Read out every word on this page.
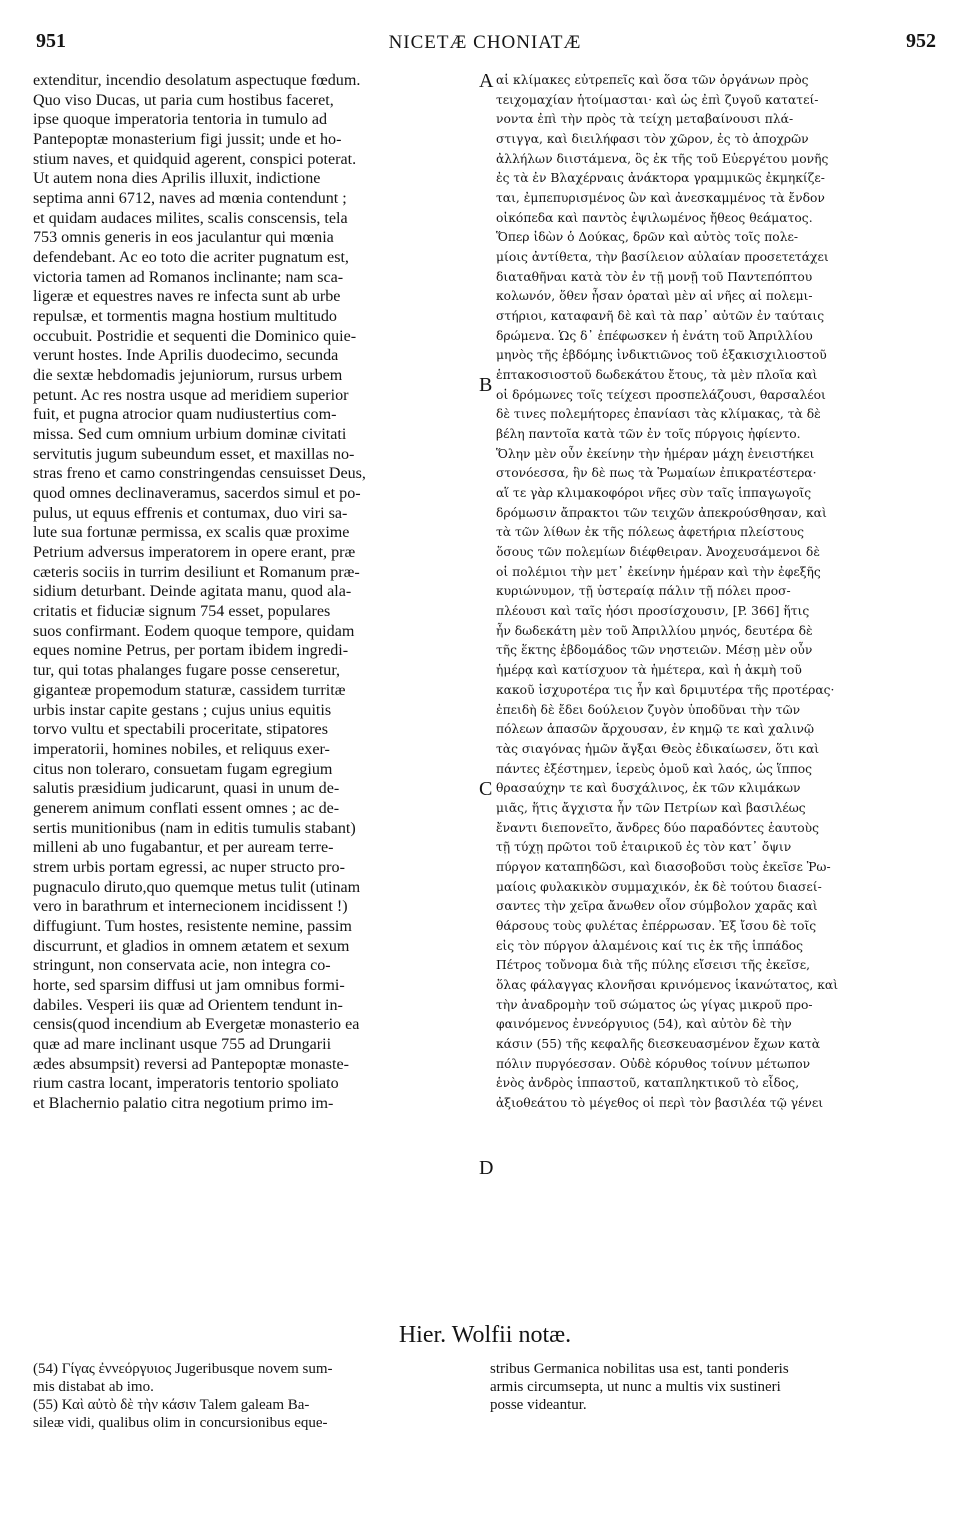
951	NICETÆ CHONIATÆ	952
extenditur, incendio desolatum aspectuque fœdum.
Quo viso Ducas, ut paria cum hostibus faceret,
ipse quoque imperatoria tentoria in tumulo ad
Pantepoptæ monasterium figi jussit; unde et ho-
stium naves, et quidquid agerent, conspici poterat.
Ut autem nona dies Aprilis illuxit, indictione
septima anni 6712, naves ad mœnia contendunt ;
et quidam audaces milites, scalis conscensis, tela
753 omnis generis in eos jaculantur qui mœnia
defendebant. Ac eo toto die acriter pugnatum est,
victoria tamen ad Romanos inclinante; nam sca-
ligeræ et equestres naves re infecta sunt ab urbe
repulsæ, et tormentis magna hostium multitudo
occubuit. Postridie et sequenti die Dominico quie-
verunt hostes. Inde Aprilis duodecimo, secunda
die sextæ hebdomadis jejuniorum, rursus urbem
petunt. Ac res nostra usque ad meridiem superior
fuit, et pugna atrocior quam nudiustertius com-
missa. Sed cum omnium urbium dominæ civitati
servitutis jugum subeundum esset, et maxillas no-
stras freno et camo constringendas censuisset Deus,
quod omnes declinaveramus, sacerdos simul et po-
pulus, ut equus effrenis et contumax, duo viri sa-
lute sua fortunæ permissa, ex scalis quæ proxime
Petrium adversus imperatorem in opere erant, præ
cæteris sociis in turrim desiliunt et Romanum præ-
sidium deturbant. Deinde agitata manu, quod ala-
critatis et fiduciæ signum 754 esset, populares
suos confirmant. Eodem quoque tempore, quidam
eques nomine Petrus, per portam ibidem ingredi-
tur, qui totas phalanges fugare posse censeretur,
giganteæ propemodum staturæ, cassidem turritæ
urbis instar capite gestans ; cujus unius equitis
torvo vultu et spectabili proceritate, stipatores
imperatorii, homines nobiles, et reliquus exer-
citus non toleraro, consuetam fugam egregium
salutis præsidium judicarunt, quasi in unum de-
generem animum conflati essent omnes ; ac de-
sertis munitionibus (nam in editis tumulis stabant)
milleni ab uno fugabantur, et per auream terre-
strem urbis portam egressi, ac nuper structo pro-
pugnaculo diruto,quo quemque metus tulit (utinam
vero in barathrum et internecionem incidissent !)
diffugiunt. Tum hostes, resistente nemine, passim
discurrunt, et gladios in omnem ætatem et sexum
stringunt, non conservata acie, non integra co-
horte, sed sparsim diffusi ut jam omnibus formi-
dabiles. Vesperi iis quæ ad Orientem tendunt in-
censis(quod incendium ab Evergetæ monasterio ea
quæ ad mare inclinant usque 755 ad Drungarii
ædes absumpsit) reversi ad Pantepoptæ monaste-
rium castra locant, imperatoris tentorio spoliato
et Blachernio palatio citra negotium primo im-
αἱ κλίμακες εὐτρεπεῖς καὶ ὅσα τῶν ὀργάνων πρὸς
τειχομαχίαν ἡτοίμασται· καὶ ὡς ἐπὶ ζυγοῦ κατατεί-
νοντα ἐπὶ τὴν πρὸς τὰ τείχη μεταβαίνουσι πλά-
στιγγα, καὶ διειλήφασι τὸν χῶρον, ἐς τὸ ἀποχρῶν
ἀλλήλων διιστάμενα, ὃς ἐκ τῆς τοῦ Εὐεργέτου μονῆς
ἐς τὰ ἐν Βλαχέρναις ἀνάκτορα γραμμικῶς ἐκμηκίζε-
ται, ἐμπεπυρισμένος ὢν καὶ ἀνεσκαμμένος τὰ ἔνδον
οἰκόπεδα καὶ παντὸς ἐψιλωμένος ἤθεος θεάματος.
Ὅπερ ἰδὼν ὁ Δούκας, δρῶν καὶ αὐτὸς τοῖς πολε-
μίοις ἀντίθετα, τὴν βασίλειον αὐλαίαν προσετετάχει
διαταθῆναι κατὰ τὸν ἐν τῇ μονῇ τοῦ Παντεπόπτου
κολωνόν, ὅθεν ἦσαν ὁραταὶ μὲν αἱ νῆες αἱ πολεμι-
στήριοι, καταφανῆ δὲ καὶ τὰ παρ᾽ αὐτῶν ἐν ταύταις
δρώμενα. Ὡς δ᾽ ἐπέφωσκεν ἡ ἐνάτη τοῦ Ἀπριλλίου
μηνὸς τῆς ἑβδόμης ἰνδικτιῶνος τοῦ ἑξακισχιλιοστοῦ
ἑπτακοσιοστοῦ δωδεκάτου ἔτους, τὰ μὲν πλοῖα καὶ
οἱ δρόμωνες τοῖς τείχεσι προσπελάζουσι, θαρσαλέοι
δὲ τινες πολεμήτορες ἐπανίασι τὰς κλίμακας, τὰ δὲ
βέλη παντοῖα κατὰ τῶν ἐν τοῖς πύργοις ἠφίεντο.
Ὅλην μὲν οὖν ἐκείνην τὴν ἡμέραν μάχη ἐνειστήκει
στονόεσσα, ἣν δὲ πως τὰ Ῥωμαίων ἐπικρατέστερα·
αἵ τε γὰρ κλιμακοφόροι νῆες σὺν ταῖς ἱππαγωγοῖς
δρόμωσιν ἄπρακτοι τῶν τειχῶν ἀπεκρούσθησαν, καὶ
τὰ τῶν λίθων ἐκ τῆς πόλεως ἀφετήρια πλείστους
ὅσους τῶν πολεμίων διέφθειραν. Ἀνοχευσάμενοι δὲ
οἱ πολέμιοι τὴν μετ᾽ ἐκείνην ἡμέραν καὶ τὴν ἐφεξῆς
κυριώνυμον, τῇ ὑστεραίᾳ πάλιν τῇ πόλει προσ-
πλέουσι καὶ ταῖς ἠόσι προσίσχουσιν, [P. 366] ἥτις
ἦν δωδεκάτη μὲν τοῦ Ἀπριλλίου μηνός, δευτέρα δὲ
τῆς ἕκτης ἑβδομάδος τῶν νηστειῶν. Μέσῃ μὲν οὖν
ἡμέρᾳ καὶ κατίσχυον τὰ ἡμέτερα, καὶ ἡ ἀκμὴ τοῦ
κακοῦ ἰσχυροτέρα τις ἦν καὶ δριμυτέρα τῆς προτέρας·
ἐπειδὴ δὲ ἔδει δούλειον ζυγὸν ὑποδῦναι τὴν τῶν
πόλεων ἁπασῶν ἄρχουσαν, ἐν κημῷ τε καὶ χαλινῷ
τὰς σιαγόνας ἡμῶν ἄγξαι Θεὸς ἐδικαίωσεν, ὅτι καὶ
πάντες ἐξέστημεν, ἱερεὺς ὁμοῦ καὶ λαός, ὡς ἵππος
θρασαύχην τε καὶ δυσχάλινος, ἐκ τῶν κλιμάκων
μιᾶς, ἥτις ἄγχιστα ἦν τῶν Πετρίων καὶ βασιλέως
ἔναντι διεπονεῖτο, ἄνδρες δύο παραδόντες ἑαυτοὺς
τῇ τύχῃ πρῶτοι τοῦ ἑταιρικοῦ ἐς τὸν κατ᾽ ὄψιν
πύργον καταπηδῶσι, καὶ διασοβοῦσι τοὺς ἐκεῖσε Ῥω-
μαίοις φυλακικὸν συμμαχικόν, ἐκ δὲ τούτου διασεί-
σαντες τὴν χεῖρα ἄνωθεν οἷον σύμβολον χαρᾶς καὶ
θάρσους τοὺς φυλέτας ἐπέρρωσαν. Ἐξ ἴσου δὲ τοῖς
εἰς τὸν πύργον ἁλαμένοις καί τις ἐκ τῆς ἱππάδος
Πέτρος τοὔνομα διὰ τῆς πύλης εἴσεισι τῆς ἐκεῖσε,
ὅλας φάλαγγας κλονῆσαι κρινόμενος ἱκανώτατος, καὶ
τὴν ἀναδρομὴν τοῦ σώματος ὡς γίγας μικροῦ προ-
φαινόμενος ἐννεόργυιος (54), καὶ αὐτὸν δὲ τὴν
κάσιν (55) τῆς κεφαλῆς διεσκευασμένον ἔχων κατὰ
πόλιν πυργόεσσαν. Οὐδὲ κόρυθος τοίνυν μέτωπον
ἑνὸς ἀνδρὸς ἱππαστοῦ, καταπληκτικοῦ τὸ εἶδος,
ἀξιοθεάτου τὸ μέγεθος οἱ περὶ τὸν βασιλέα τῷ γένει
A
B
C
D
Hier. Wolfii notæ.
(54) Γίγας ἐννεόργυιος Jugeribusque novem sum-
mis distabat ab imo.
(55) Καὶ αὐτὸ δὲ τὴν κάσιν Talem galeam Ba-
sileæ vidi, qualibus olim in concursionibus eque-
stribus Germanica nobilitas usa est, tanti ponderis
armis circumsepta, ut nunc a multis vix sustineri
posse videantur.
